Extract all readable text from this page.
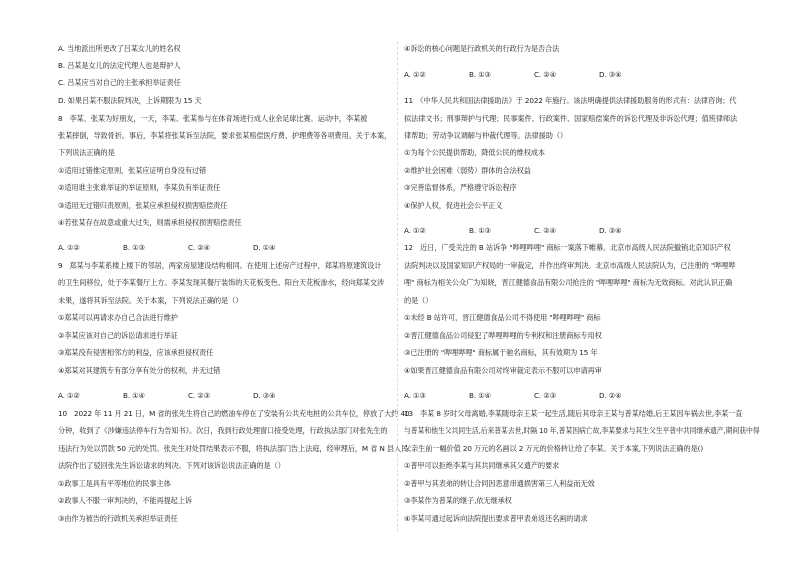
A. 当地派出所更改了吕某女儿的姓名权
B. 吕某是女儿的法定代理人也是辩护人
C. 吕某应当对自己的主张承担举证责任
D. 如果吕某不服法院判决，上诉期限为 15 天
8　李某、张某为好朋友，一天，李某、张某参与在体育场进行成人业余足球比赛。运动中，李某被
张某摔倒，导致骨折。事后，李某将张某诉至法院，要求张某赔偿医疗费、护理费等各项费用。关于本案，
下列说法正确的是
①适用过错推定原则，张某应证明自身没有过错
②适用谁主张谁举证的举证原则，李某负有举证责任
③适用无过错归责原则，张某应承担侵权损害赔偿责任
④若张某存在故意或重大过失，则需承担侵权损害赔偿责任
A. ①②	B. ①③	C. ②④	D. ①④
9　郑某与李某系楼上楼下的邻居，两家房屋建设结构相同。在使用上述房产过程中，郑某将原建筑设计
的卫生间移位，处于李某餐厅上方。李某发现其餐厅装饰的天花板变色、阳台天花板渗水，经向郑某交涉
未果，遂将其诉至法院。关于本案，下列说法正确的是（）
①郑某可以再请求办自己合法进行维护
②李某应该对自己的诉讼请求进行举证
③郑某没有侵害相邻方的利益，应该承担侵权责任
④郑某对其建筑专有部分享有处分的权利，并无过错
A. ①②	B. ①④	C. ②③	D. ③④
10　2022 年 11 月 21 日，M 省的张先生将自己的燃油车停在了安装有公共充电桩的公共车位，停放了大约 40
分钟，收到了《涉嫌违法停车行为告知书》。次日，我到行政处理窗口接受处理，行政执法部门对张先生的
违法行为处以罚款 50 元的处罚。张先生对处罚结果表示不服，将执法部门告上法庭，经审理后，M 省 N 县人民
法院作出了驳回张先生诉讼请求的判决。下列对该诉讼说法正确的是（）
①政事工是具有平等地位的民事主体
②政事人不服一审判决的，不能再提起上诉
③由作为被告的行政机关承担举证责任
④诉讼的核心问题是行政机关的行政行为是否合法
A. ①②	B. ①③	C. ②④	D. ③④
11　《中华人民共和国法律援助法》于 2022 年施行。该法明确提供法律援助服务的形式有：法律咨询；代
拟法律文书；刑事辩护与代理；民事案件、行政案件、国家赔偿案件的诉讼代理及非诉讼代理；值班律师法
律帮助；劳动争议调解与仲裁代理等。法律援助（）
①为每个公民提供帮助，降低公民的维权成本
②维护社会困难（弱势）群体的合法权益
③完善监督体系，严格遵守诉讼程序
④保护人权，促进社会公平正义
A. ①②	B. ①③	C. ②④	D. ③④
12　近日，广受关注的 B 站诉争 "哔哩哔哩" 商标一案落下帷幕。北京市高级人民法院撤销北京知识产权
法院判决以及国家知识产权局的一审裁定，并作出终审判决。北京市高级人民法院认为，已注册的 "哔哩哔
哩" 商标为相关公众广为知晓，晋江健德食品有限公司抢注的 "哔哩哔哩" 商标为无效商标。对此认识正确
的是（）
①未经 B 站许可，晋江健德食品公司不得使用 "哔哩哔哩" 商标
②晋江健德食品公司侵犯了哔哩哔哩的专利权和注册商标专用权
③已注册的 "哔哩哔哩" 商标属于驰名商标，其有效期为 15 年
④如果晋江健德食品有限公司对终审裁定表示不服可以申请再审
A. ①③	B. ①④	C. ②③	D. ②④
13　李某 8 岁时父母离婚,李某随母亲王某一起生活,随后其母亲王某与普某结婚,后王某因车祸去世,李某一直
与普某和他生父共同生活,后来普某去世,时隔 10 年,普某因病亡故,李某要求与其生父生平普中共同继承遗产,期间获中得
父亲生前一幅价值 20 万元的名画以 2 万元的价格转让给了李某。关于本案,下列说法正确的是()
①普甲可以拒绝李某与其共同继承其父遗产的要求
②普甲与其表弟的转让合同因恶意串通损害第三人利益而无效
③李某作为普某的继子,依无继承权
④李某可通过起诉向法院提出要求普甲表弟返还名画的请求
